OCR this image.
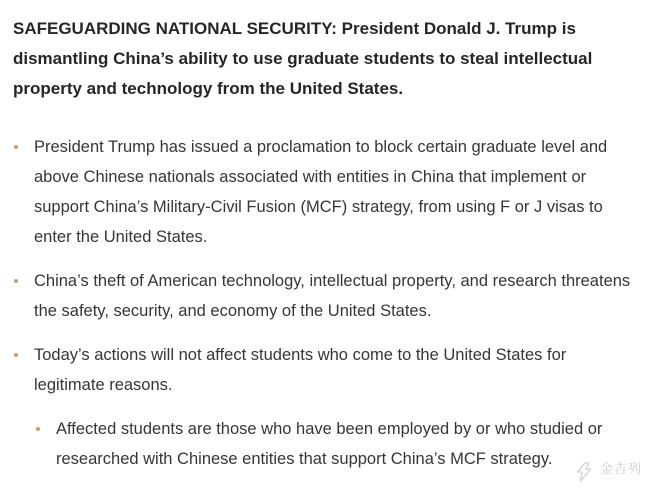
SAFEGUARDING NATIONAL SECURITY: President Donald J. Trump is dismantling China’s ability to use graduate students to steal intellectual property and technology from the United States.

President Trump has issued a proclamation to block certain graduate level and above Chinese nationals associated with entities in China that implement or support China’s Military-Civil Fusion (MCF) strategy, from using F or J visas to enter the United States.
China’s theft of American technology, intellectual property, and research threatens the safety, security, and economy of the United States.
Today’s actions will not affect students who come to the United States for legitimate reasons.
Affected students are those who have been employed by or who studied or researched with Chinese entities that support China’s MCF strategy.
金吉列
· · · · · · · ·
